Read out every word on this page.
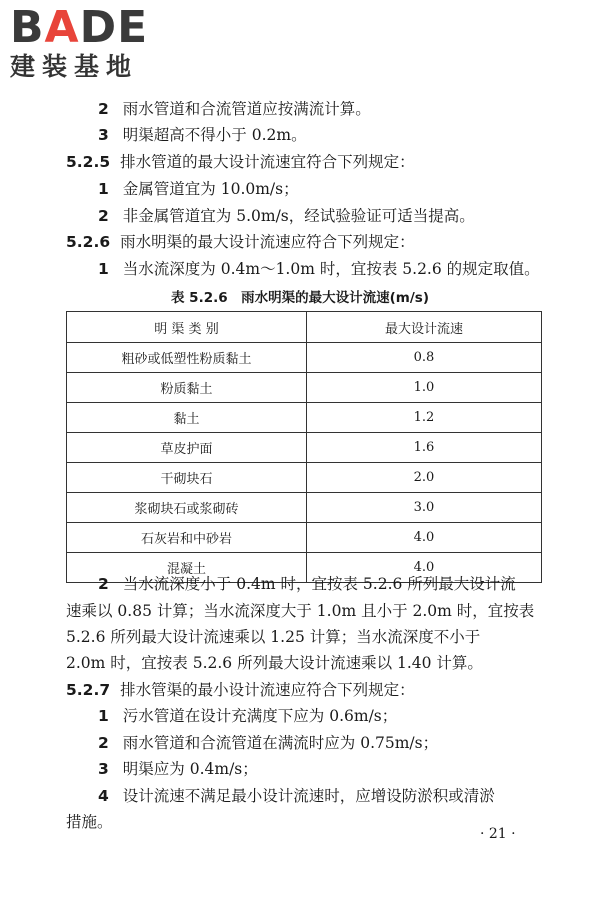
BADE
建装基地
2 雨水管道和合流管道应按满流计算。
3 明渠超高不得小于 0.2m。
5.2.5 排水管道的最大设计流速宜符合下列规定：
1 金属管道宜为 10.0m/s；
2 非金属管道宜为 5.0m/s，经试验验证可适当提高。
5.2.6 雨水明渠的最大设计流速应符合下列规定：
1 当水流深度为 0.4m～1.0m 时，宜按表 5.2.6 的规定取值。
表 5.2.6　雨水明渠的最大设计流速(m/s)
明 渠 类 别	最大设计流速
粗砂或低塑性粉质黏土	0.8
粉质黏土	1.0
黏土	1.2
草皮护面	1.6
干砌块石	2.0
浆砌块石或浆砌砖	3.0
石灰岩和中砂岩	4.0
混凝土	4.0
2 当水流深度小于 0.4m 时，宜按表 5.2.6 所列最大设计流
速乘以 0.85 计算；当水流深度大于 1.0m 且小于 2.0m 时，宜按表
5.2.6 所列最大设计流速乘以 1.25 计算；当水流深度不小于
2.0m 时，宜按表 5.2.6 所列最大设计流速乘以 1.40 计算。
5.2.7 排水管渠的最小设计流速应符合下列规定：
1 污水管道在设计充满度下应为 0.6m/s；
2 雨水管道和合流管道在满流时应为 0.75m/s；
3 明渠应为 0.4m/s；
4 设计流速不满足最小设计流速时，应增设防淤积或清淤
措施。
· 21 ·
